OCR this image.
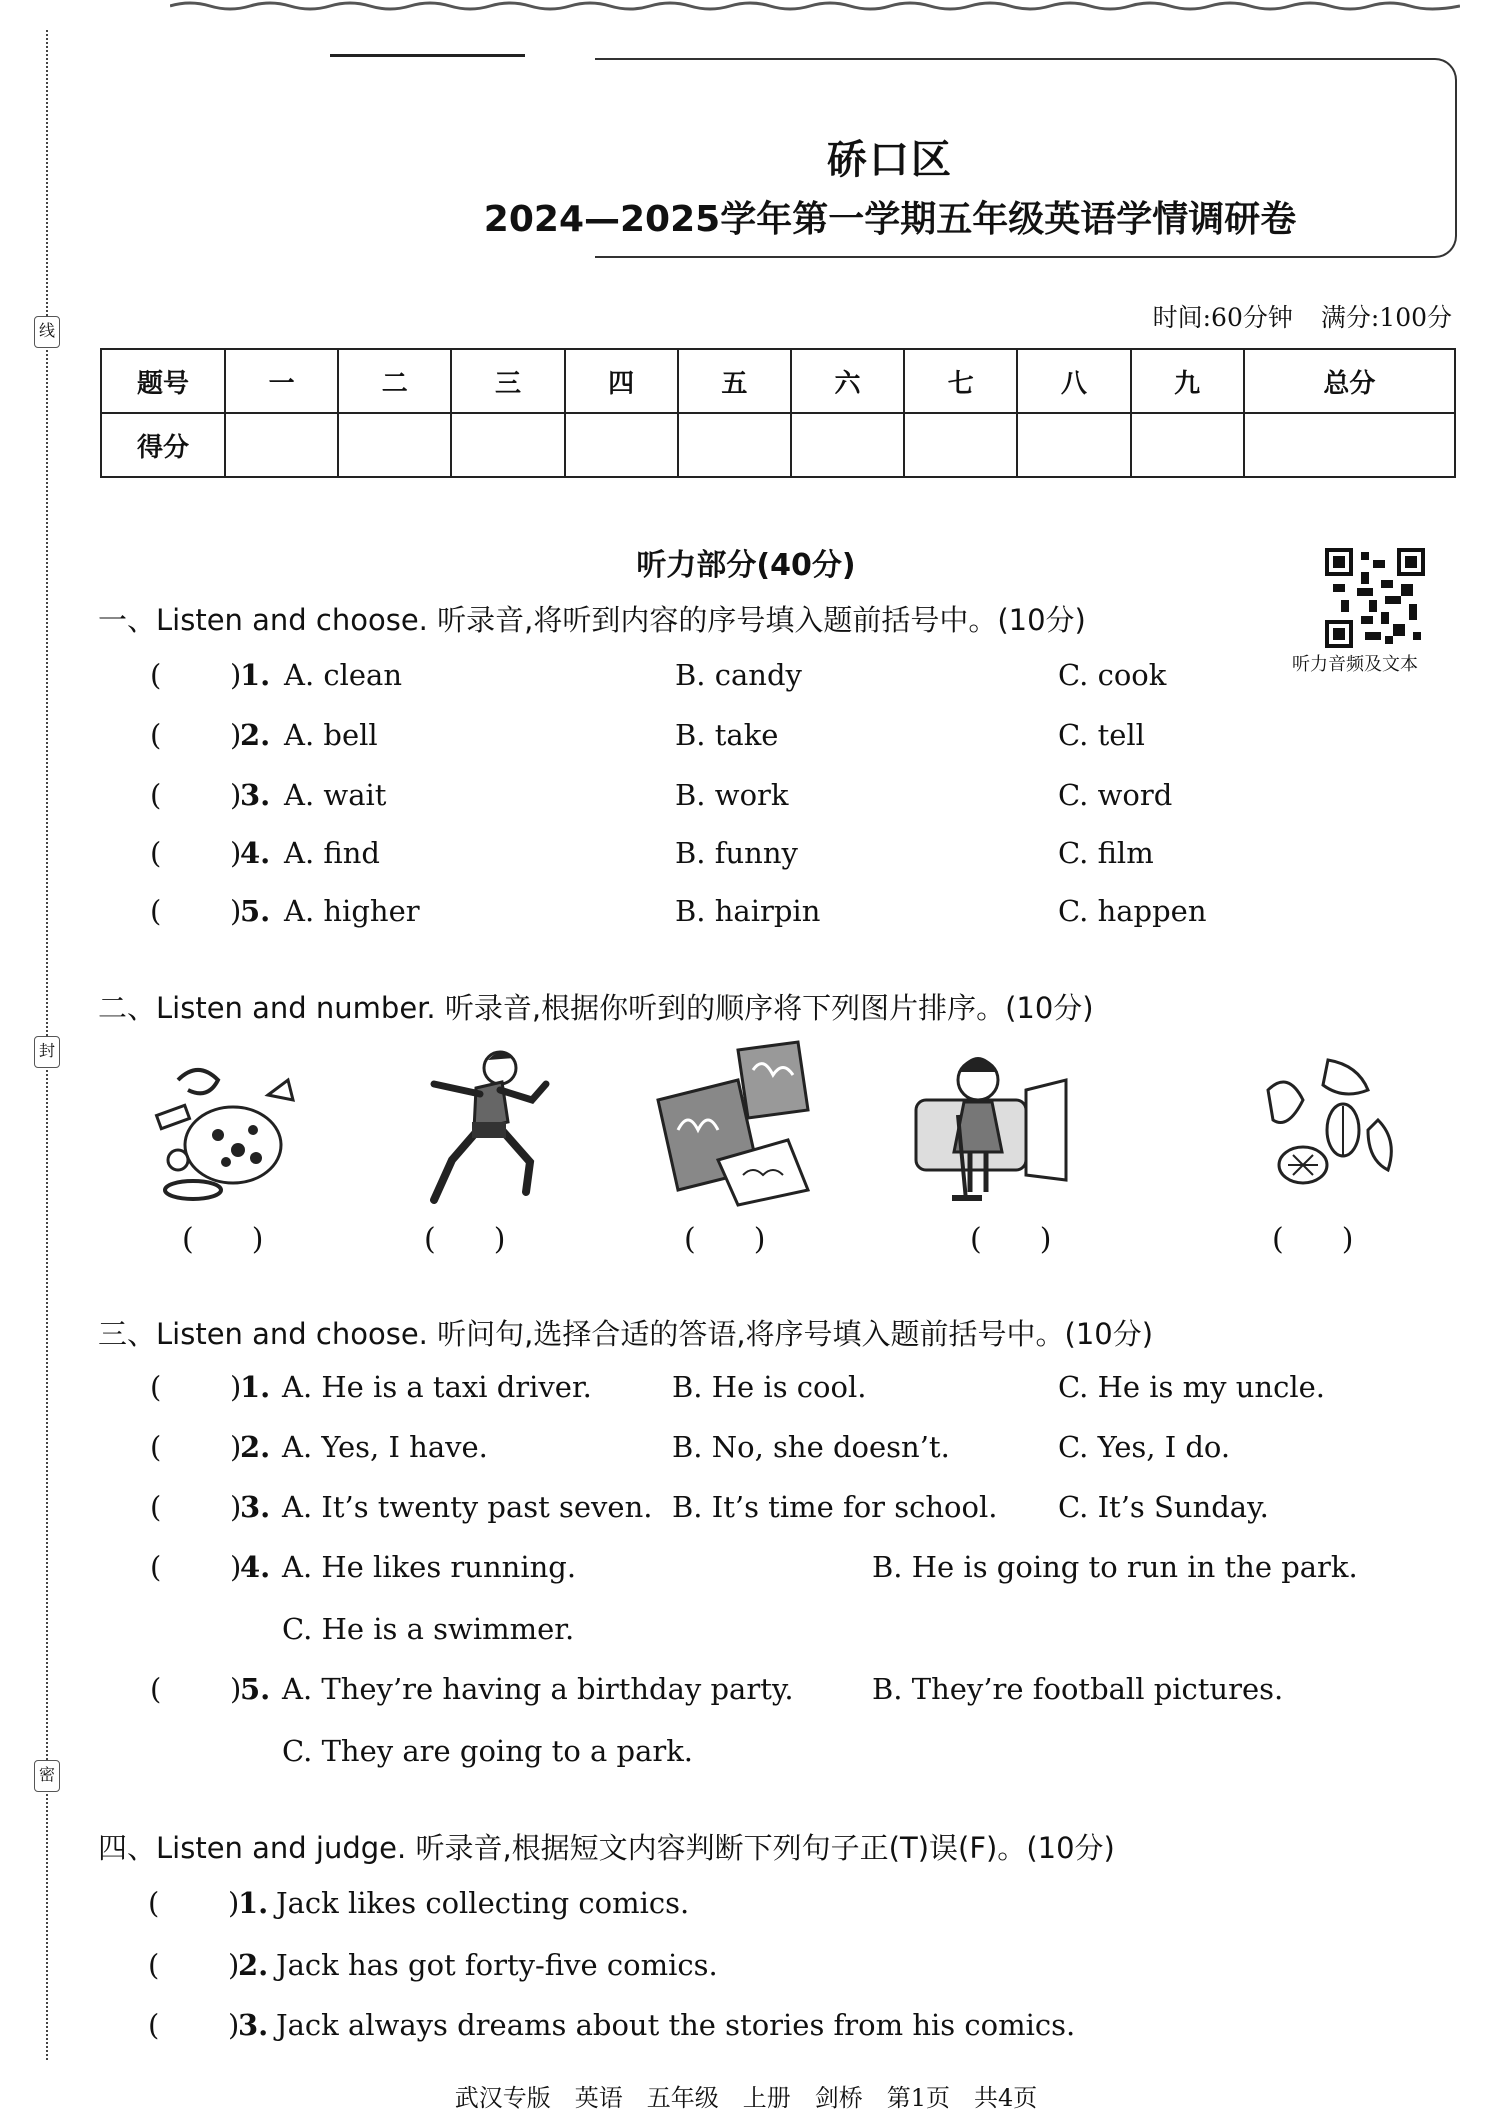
线
封
密
硚口区
2024—2025学年第一学期五年级英语学情调研卷
时间:60分钟 满分:100分
题号	一	二	三	四	五	六	七	八	九	总分
得分										
听力部分(40分)
听力音频及文本
一、Listen and choose. 听录音,将听到内容的序号填入题前括号中。(10分)
( )
1. A. clean	B. candy	C. cook
( )
2. A. bell	B. take	C. tell
( )
3. A. wait	B. work	C. word
( )
4. A. find	B. funny	C. film
( )
5. A. higher	B. hairpin	C. happen
二、Listen and number. 听录音,根据你听到的顺序将下列图片排序。(10分)
( )	( )	( )	( )	( )
三、Listen and choose. 听问句,选择合适的答语,将序号填入题前括号中。(10分)
( )
1. A. He is a taxi driver.	B. He is cool.	C. He is my uncle.
( )
2. A. Yes, I have.	B. No, she doesn’t.	C. Yes, I do.
( )
3. A. It’s twenty past seven. B. It’s time for school. C. It’s Sunday.
( )
4. A. He likes running.	B. He is going to run in the park.
C. He is a swimmer.
( )
5. A. They’re having a birthday party.	B. They’re football pictures.
C. They are going to a park.
四、Listen and judge. 听录音,根据短文内容判断下列句子正(T)误(F)。(10分)
( )
1. Jack likes collecting comics.
( )
2. Jack has got forty-five comics.
( )
3. Jack always dreams about the stories from his comics.
武汉专版　英语　五年级　上册　剑桥　第1页　共4页
